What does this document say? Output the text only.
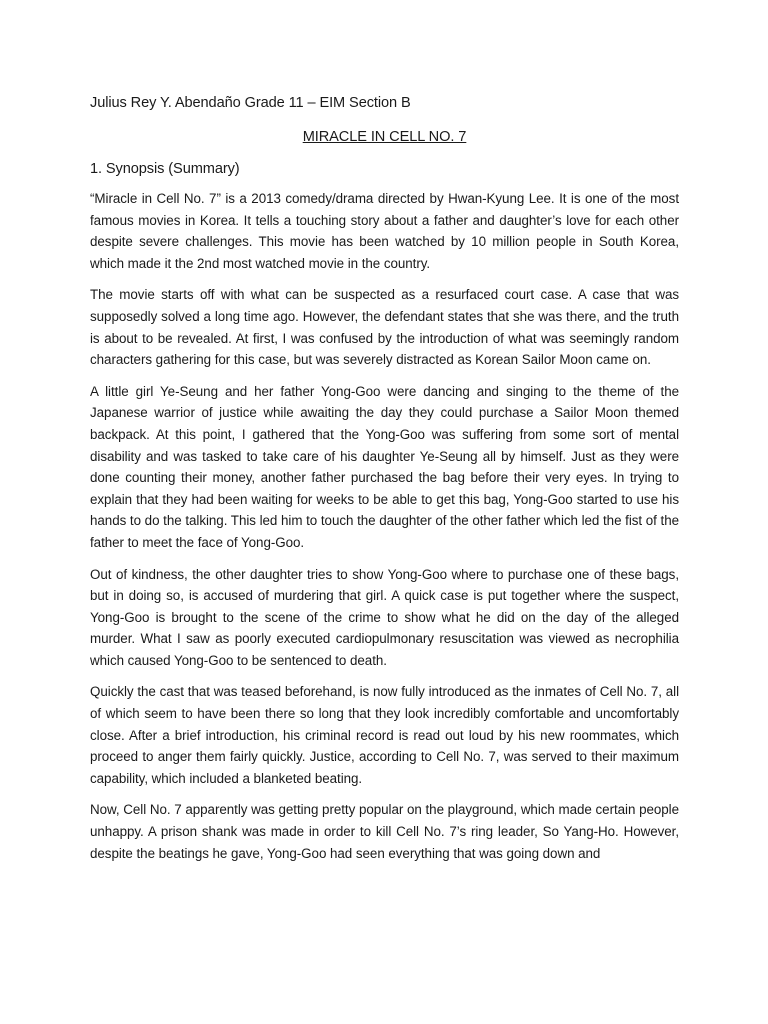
Julius Rey Y. Abendaño Grade 11 – EIM Section B
MIRACLE IN CELL NO. 7
1. Synopsis (Summary)

“Miracle in Cell No. 7” is a 2013 comedy/drama directed by Hwan-Kyung Lee. It is one of the most famous movies in Korea. It tells a touching story about a father and daughter’s love for each other despite severe challenges. This movie has been watched by 10 million people in South Korea, which made it the 2nd most watched movie in the country.

The movie starts off with what can be suspected as a resurfaced court case. A case that was supposedly solved a long time ago. However, the defendant states that she was there, and the truth is about to be revealed. At first, I was confused by the introduction of what was seemingly random characters gathering for this case, but was severely distracted as Korean Sailor Moon came on.

A little girl Ye-Seung and her father Yong-Goo were dancing and singing to the theme of the Japanese warrior of justice while awaiting the day they could purchase a Sailor Moon themed backpack. At this point, I gathered that the Yong-Goo was suffering from some sort of mental disability and was tasked to take care of his daughter Ye-Seung all by himself. Just as they were done counting their money, another father purchased the bag before their very eyes. In trying to explain that they had been waiting for weeks to be able to get this bag, Yong-Goo started to use his hands to do the talking. This led him to touch the daughter of the other father which led the fist of the father to meet the face of Yong-Goo.

Out of kindness, the other daughter tries to show Yong-Goo where to purchase one of these bags, but in doing so, is accused of murdering that girl. A quick case is put together where the suspect, Yong-Goo is brought to the scene of the crime to show what he did on the day of the alleged murder. What I saw as poorly executed cardiopulmonary resuscitation was viewed as necrophilia which caused Yong-Goo to be sentenced to death.

Quickly the cast that was teased beforehand, is now fully introduced as the inmates of Cell No. 7, all of which seem to have been there so long that they look incredibly comfortable and uncomfortably close. After a brief introduction, his criminal record is read out loud by his new roommates, which proceed to anger them fairly quickly. Justice, according to Cell No. 7, was served to their maximum capability, which included a blanketed beating.

Now, Cell No. 7 apparently was getting pretty popular on the playground, which made certain people unhappy. A prison shank was made in order to kill Cell No. 7’s ring leader, So Yang-Ho. However, despite the beatings he gave, Yong-Goo had seen everything that was going down and
